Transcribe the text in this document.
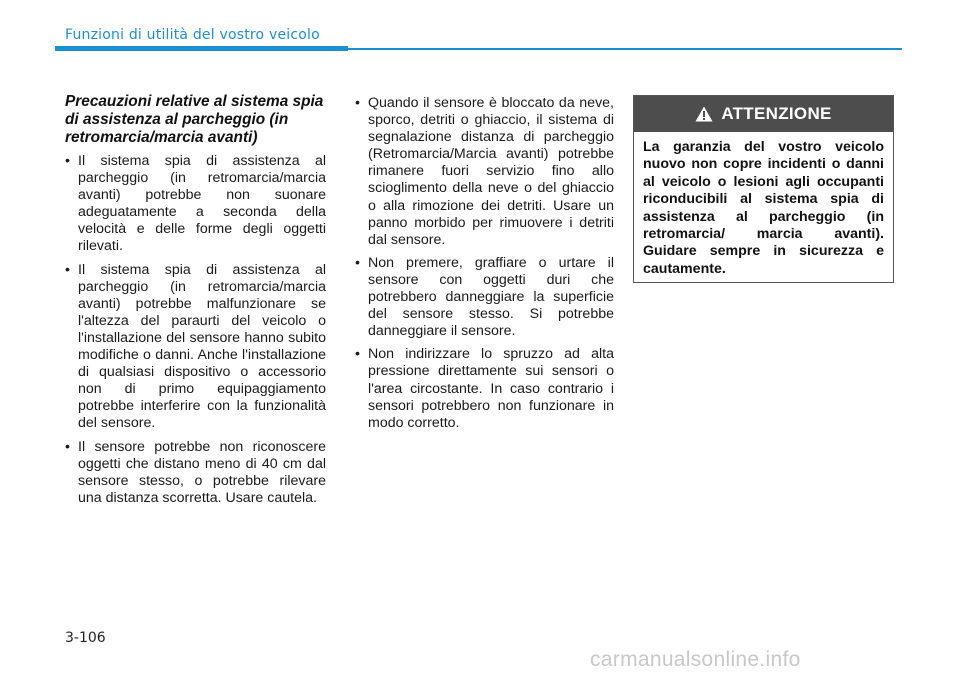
Funzioni di utilità del vostro veicolo
Precauzioni relative al sistema spia di assistenza al parcheggio (in retromarcia/marcia avanti)
• Il sistema spia di assistenza al parcheggio (in retromarcia/marcia avanti) potrebbe non suonare adeguatamente a seconda della velocità e delle forme degli oggetti rilevati.
• Il sistema spia di assistenza al parcheggio (in retromarcia/marcia avanti) potrebbe malfunzionare se l'altezza del paraurti del veicolo o l'installazione del sensore hanno subito modifiche o danni. Anche l'installazione di qualsiasi dispositivo o accessorio non di primo equipaggiamento potrebbe interferire con la funzionalità del sensore.
• Il sensore potrebbe non riconoscere oggetti che distano meno di 40 cm dal sensore stesso, o potrebbe rilevare una distanza scorretta. Usare cautela.
• Quando il sensore è bloccato da neve, sporco, detriti o ghiaccio, il sistema di segnalazione distanza di parcheggio (Retromarcia/Marcia avanti) potrebbe rimanere fuori servizio fino allo scioglimento della neve o del ghiaccio o alla rimozione dei detriti. Usare un panno morbido per rimuovere i detriti dal sensore.
• Non premere, graffiare o urtare il sensore con oggetti duri che potrebbero danneggiare la superficie del sensore stesso. Si potrebbe danneggiare il sensore.
• Non indirizzare lo spruzzo ad alta pressione direttamente sui sensori o l'area circostante. In caso contrario i sensori potrebbero non funzionare in modo corretto.
ATTENZIONE
La garanzia del vostro veicolo nuovo non copre incidenti o danni al veicolo o lesioni agli occupanti riconducibili al sistema spia di assistenza al parcheggio (in retromarcia/ marcia avanti). Guidare sempre in sicurezza e cautamente.
3-106
carmanualsonline.info
